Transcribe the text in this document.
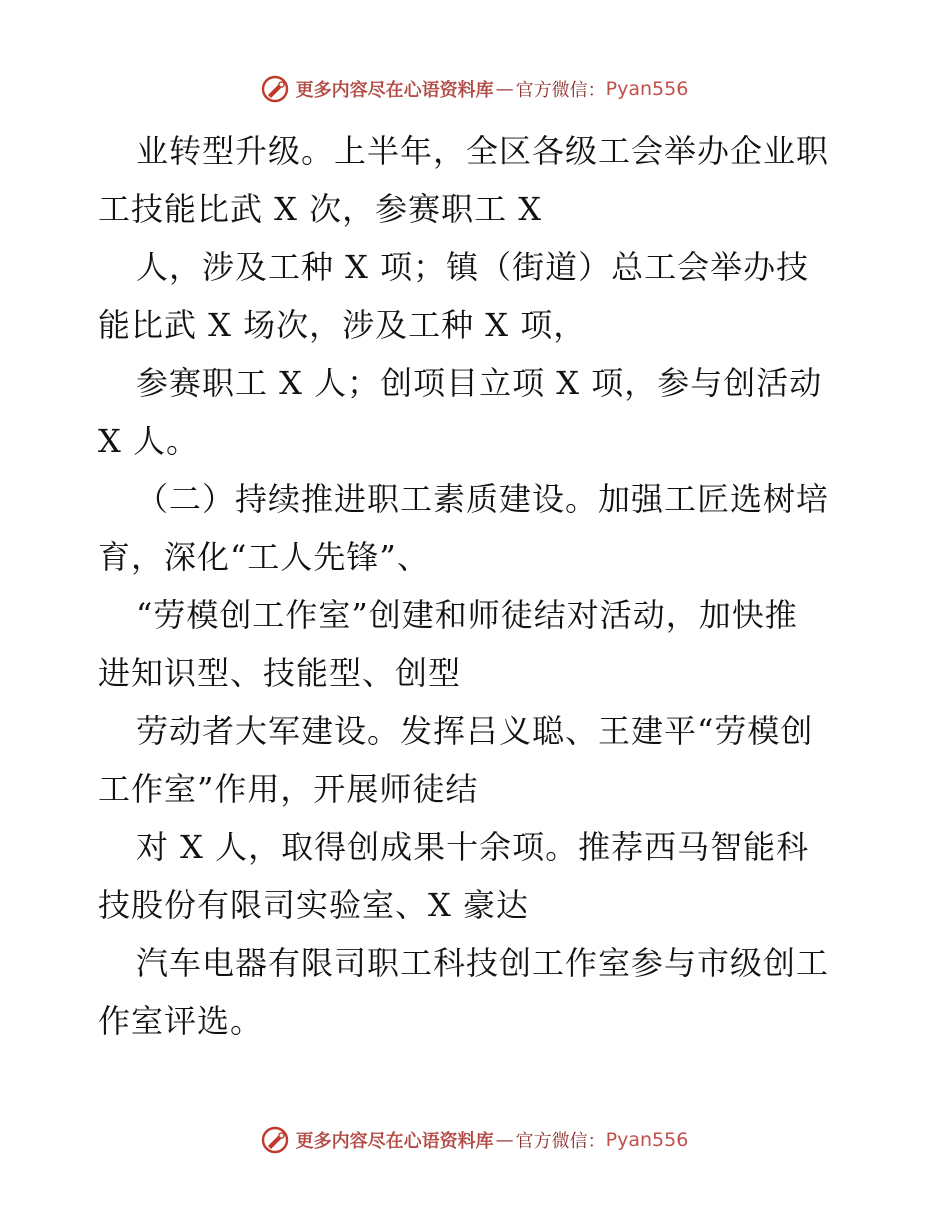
更多内容尽在心语资料库 — 官方微信： Pyan556
业转型升级。上半年，全区各级工会举办企业职
工技能比武 X 次，参赛职工 X
人，涉及工种 X 项；镇（街道）总工会举办技
能比武 X 场次，涉及工种 X 项，
参赛职工 X 人；创项目立项 X 项，参与创活动
X 人。
（二）持续推进职工素质建设。加强工匠选树培
育，深化“工人先锋”、
“劳模创工作室”创建和师徒结对活动，加快推
进知识型、技能型、创型
劳动者大军建设。发挥吕义聪、王建平“劳模创
工作室”作用，开展师徒结
对 X 人，取得创成果十余项。推荐西马智能科
技股份有限司实验室、X 豪达
汽车电器有限司职工科技创工作室参与市级创工
作室评选。
更多内容尽在心语资料库 — 官方微信： Pyan556
